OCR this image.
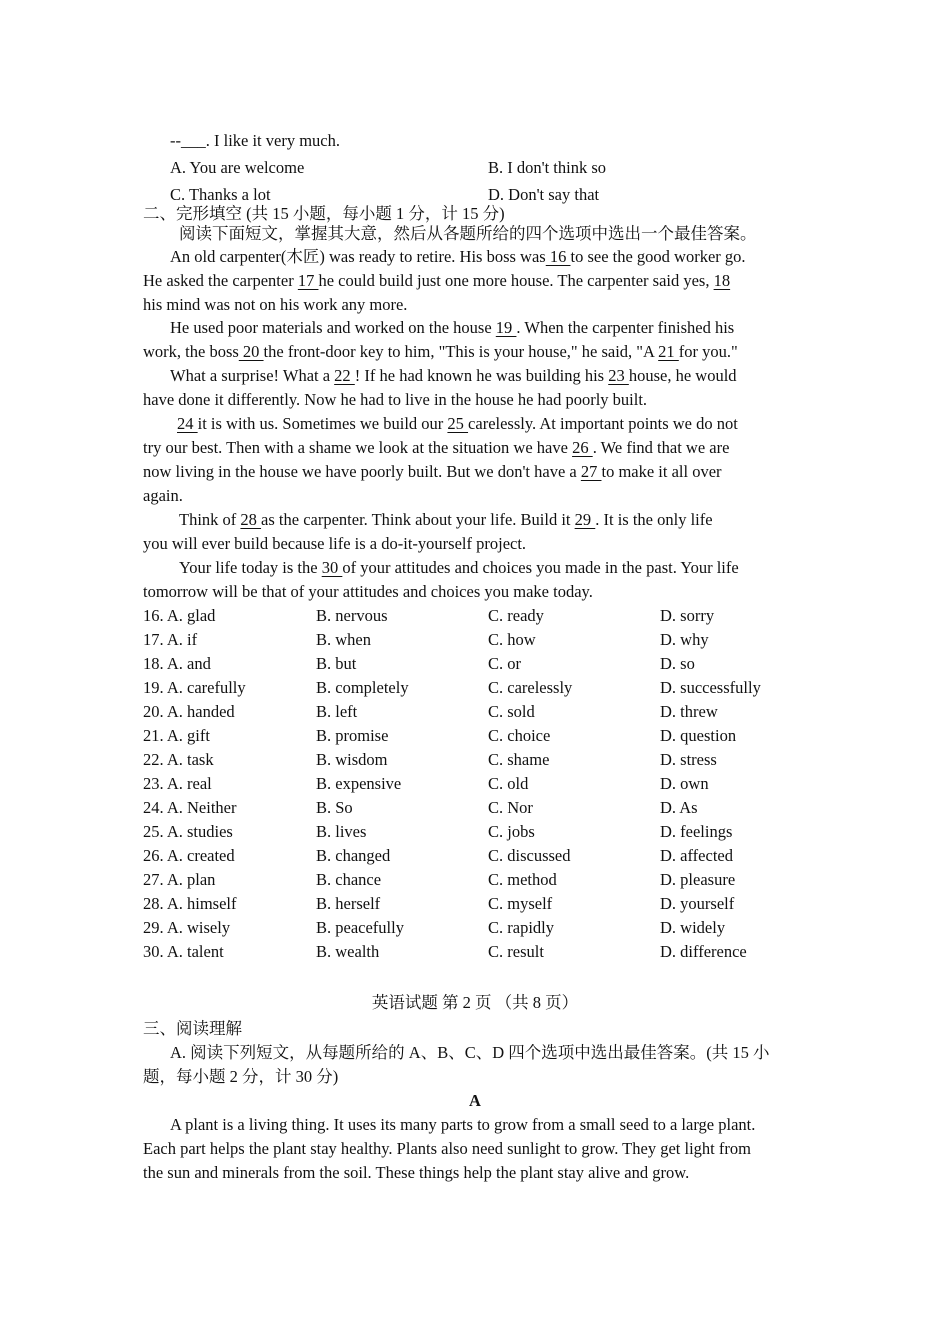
--___. I like it very much.
A. You are welcome	B. I don't think so
C. Thanks a lot	D. Don't say that
二、完形填空 (共 15 小题，每小题 1 分，计 15 分)
阅读下面短文，掌握其大意，然后从各题所给的四个选项中选出一个最佳答案。
An old carpenter(木匠) was ready to retire. His boss was 16 to see the good worker go.
He asked the carpenter 17 he could build just one more house. The carpenter said yes, 18
his mind was not on his work any more.
He used poor materials and worked on the house 19 . When the carpenter finished his
work, the boss 20 the front-door key to him, "This is your house," he said, "A 21 for you."
What a surprise! What a 22 ! If he had known he was building his 23 house, he would
have done it differently. Now he had to live in the house he had poorly built.
24 it is with us. Sometimes we build our 25 carelessly. At important points we do not
try our best. Then with a shame we look at the situation we have 26 . We find that we are
now living in the house we have poorly built. But we don't have a 27 to make it all over
again.
Think of 28 as the carpenter. Think about your life. Build it 29 . It is the only life
you will ever build because life is a do-it-yourself project.
Your life today is the 30 of your attitudes and choices you made in the past. Your life
tomorrow will be that of your attitudes and choices you make today.
16. A. glad	B. nervous	C. ready	D. sorry
17. A. if	B. when	C. how	D. why
18. A. and	B. but	C. or	D. so
19. A. carefully	B. completely	C. carelessly	D. successfully
20. A. handed	B. left	C. sold	D. threw
21. A. gift	B. promise	C. choice	D. question
22. A. task	B. wisdom	C. shame	D. stress
23. A. real	B. expensive	C. old	D. own
24. A. Neither	B. So	C. Nor	D. As
25. A. studies	B. lives	C. jobs	D. feelings
26. A. created	B. changed	C. discussed	D. affected
27. A. plan	B. chance	C. method	D. pleasure
28. A. himself	B. herself	C. myself	D. yourself
29. A. wisely	B. peacefully	C. rapidly	D. widely
30. A. talent	B. wealth	C. result	D. difference
英语试题 第 2 页 （共 8 页）
三、阅读理解
A. 阅读下列短文，从每题所给的 A、B、C、D 四个选项中选出最佳答案。(共 15 小
题，每小题 2 分，计 30 分)
A
A plant is a living thing. It uses its many parts to grow from a small seed to a large plant.
Each part helps the plant stay healthy. Plants also need sunlight to grow. They get light from
the sun and minerals from the soil. These things help the plant stay alive and grow.
